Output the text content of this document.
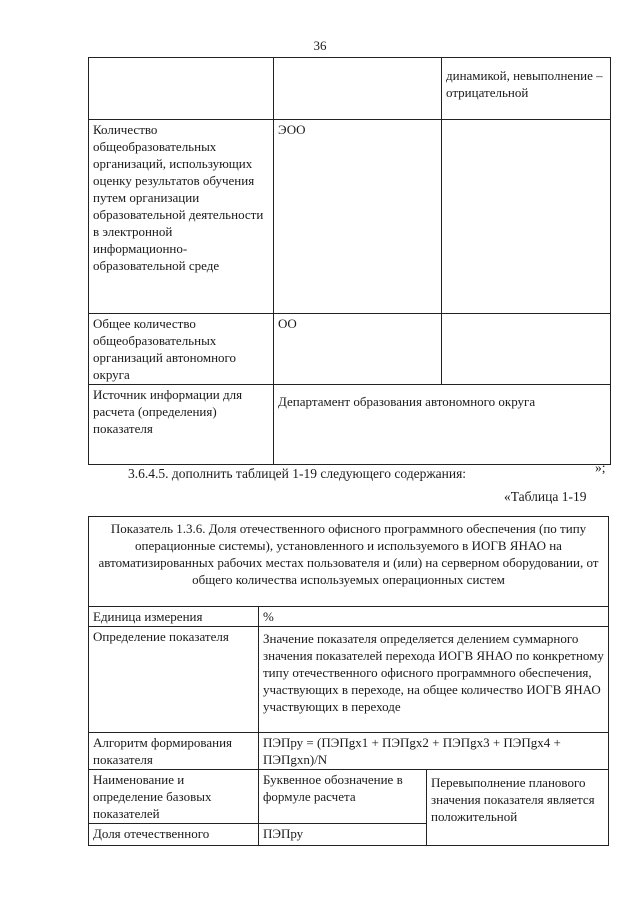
36
		динамикой, невыполнение – отрицательной
Количество общеобразовательных организаций, использующих оценку результатов обучения путем организации образовательной деятельности в электронной информационно-образовательной среде	ЭОО	
Общее количество общеобразовательных организаций автономного округа	ОО	
Источник информации для расчета (определения) показателя	Департамент образования автономного округа	
»;
3.6.4.5. дополнить таблицей 1-19 следующего содержания:
«Таблица 1-19
Показатель 1.3.6. Доля отечественного офисного программного обеспечения (по типу операционные системы), установленного и используемого в ИОГВ ЯНАО на автоматизированных рабочих местах пользователя и (или) на серверном оборудовании, от общего количества используемых операционных систем		
Единица измерения	%	
Определение показателя	Значение показателя определяется делением суммарного значения показателей перехода ИОГВ ЯНАО по конкретному типу отечественного офисного программного обеспечения, участвующих в переходе, на общее количество ИОГВ ЯНАО участвующих в переходе	
Алгоритм формирования показателя	ПЭПру = (ПЭПgx1 + ПЭПgx2 + ПЭПgx3 + ПЭПgx4 + ПЭПgxn)/N	
Наименование и определение базовых показателей	Буквенное обозначение в формуле расчета	Перевыполнение планового значения показателя является положительной
Доля отечественного	ПЭПру	
